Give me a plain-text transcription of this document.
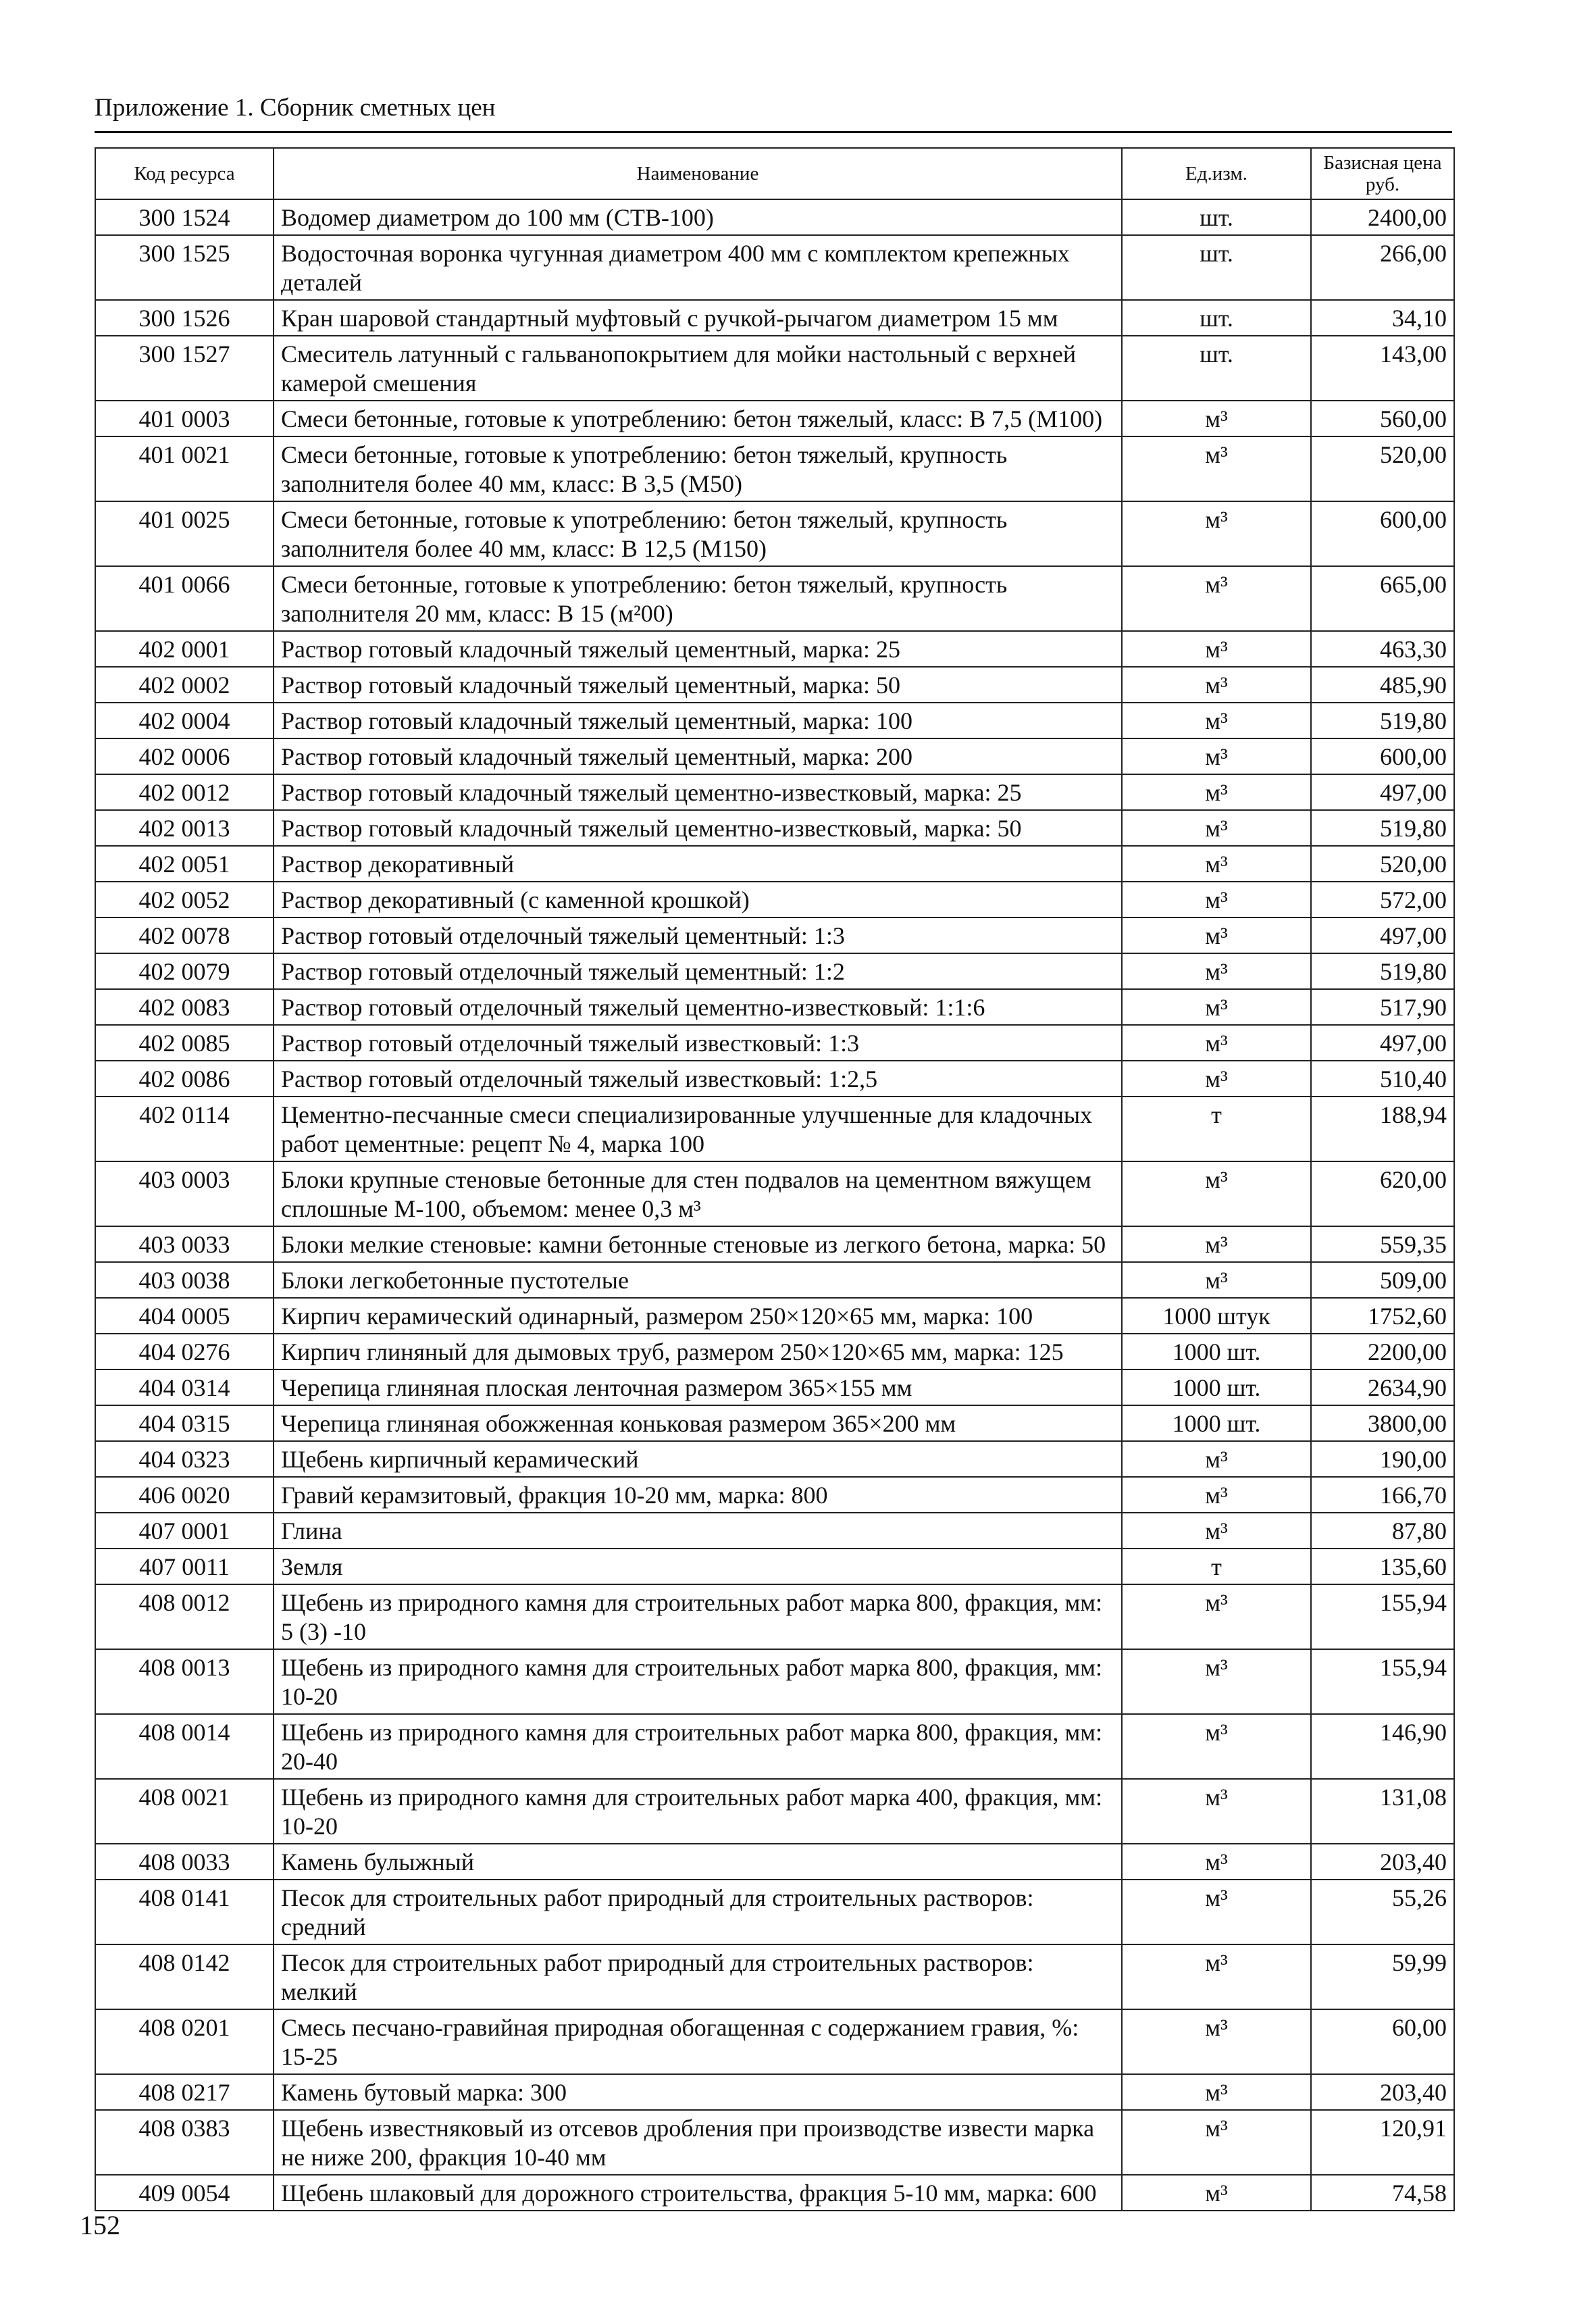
Приложение 1. Сборник сметных цен
Код ресурса	Наименование	Ед.изм.	Базисная цена
руб.
300 1524	Водомер диаметром до 100 мм (СТВ-100)	шт.	2400,00
300 1525	Водосточная воронка чугунная диаметром 400 мм с комплектом крепежных деталей	шт.	266,00
300 1526	Кран шаровой стандартный муфтовый с ручкой-рычагом диаметром 15 мм	шт.	34,10
300 1527	Смеситель латунный с гальванопокрытием для мойки настольный с верхней камерой смешения	шт.	143,00
401 0003	Смеси бетонные, готовые к употреблению: бетон тяжелый, класс: В 7,5 (М100)	м³	560,00
401 0021	Смеси бетонные, готовые к употреблению: бетон тяжелый, крупность заполнителя более 40 мм, класс: В 3,5 (М50)	м³	520,00
401 0025	Смеси бетонные, готовые к употреблению: бетон тяжелый, крупность заполнителя более 40 мм, класс: В 12,5 (М150)	м³	600,00
401 0066	Смеси бетонные, готовые к употреблению: бетон тяжелый, крупность заполнителя 20 мм, класс: В 15 (м²00)	м³	665,00
402 0001	Раствор готовый кладочный тяжелый цементный, марка: 25	м³	463,30
402 0002	Раствор готовый кладочный тяжелый цементный, марка: 50	м³	485,90
402 0004	Раствор готовый кладочный тяжелый цементный, марка: 100	м³	519,80
402 0006	Раствор готовый кладочный тяжелый цементный, марка: 200	м³	600,00
402 0012	Раствор готовый кладочный тяжелый цементно-известковый, марка: 25	м³	497,00
402 0013	Раствор готовый кладочный тяжелый цементно-известковый, марка: 50	м³	519,80
402 0051	Раствор декоративный	м³	520,00
402 0052	Раствор декоративный (с каменной крошкой)	м³	572,00
402 0078	Раствор готовый отделочный тяжелый цементный: 1:3	м³	497,00
402 0079	Раствор готовый отделочный тяжелый цементный: 1:2	м³	519,80
402 0083	Раствор готовый отделочный тяжелый цементно-известковый: 1:1:6	м³	517,90
402 0085	Раствор готовый отделочный тяжелый известковый: 1:3	м³	497,00
402 0086	Раствор готовый отделочный тяжелый известковый: 1:2,5	м³	510,40
402 0114	Цементно-песчанные смеси специализированные улучшенные для кладочных работ цементные: рецепт № 4, марка 100	т	188,94
403 0003	Блоки крупные стеновые бетонные для стен подвалов на цементном вяжущем сплошные М-100, объемом: менее 0,3 м³	м³	620,00
403 0033	Блоки мелкие стеновые: камни бетонные стеновые из легкого бетона, марка: 50	м³	559,35
403 0038	Блоки легкобетонные пустотелые	м³	509,00
404 0005	Кирпич керамический одинарный, размером 250×120×65 мм, марка: 100	1000 штук	1752,60
404 0276	Кирпич глиняный для дымовых труб, размером 250×120×65 мм, марка: 125	1000 шт.	2200,00
404 0314	Черепица глиняная плоская ленточная размером 365×155 мм	1000 шт.	2634,90
404 0315	Черепица глиняная обожженная коньковая размером 365×200 мм	1000 шт.	3800,00
404 0323	Щебень кирпичный керамический	м³	190,00
406 0020	Гравий керамзитовый, фракция 10-20 мм, марка: 800	м³	166,70
407 0001	Глина	м³	87,80
407 0011	Земля	т	135,60
408 0012	Щебень из природного камня для строительных работ марка 800, фракция, мм: 5 (3) -10	м³	155,94
408 0013	Щебень из природного камня для строительных работ марка 800, фракция, мм: 10-20	м³	155,94
408 0014	Щебень из природного камня для строительных работ марка 800, фракция, мм: 20-40	м³	146,90
408 0021	Щебень из природного камня для строительных работ марка 400, фракция, мм: 10-20	м³	131,08
408 0033	Камень булыжный	м³	203,40
408 0141	Песок для строительных работ природный для строительных растворов: средний	м³	55,26
408 0142	Песок для строительных работ природный для строительных растворов: мелкий	м³	59,99
408 0201	Смесь песчано-гравийная природная обогащенная с содержанием гравия, %: 15-25	м³	60,00
408 0217	Камень бутовый марка: 300	м³	203,40
408 0383	Щебень известняковый из отсевов дробления при производстве извести марка не ниже 200, фракция 10-40 мм	м³	120,91
409 0054	Щебень шлаковый для дорожного строительства, фракция 5-10 мм, марка: 600	м³	74,58
152
